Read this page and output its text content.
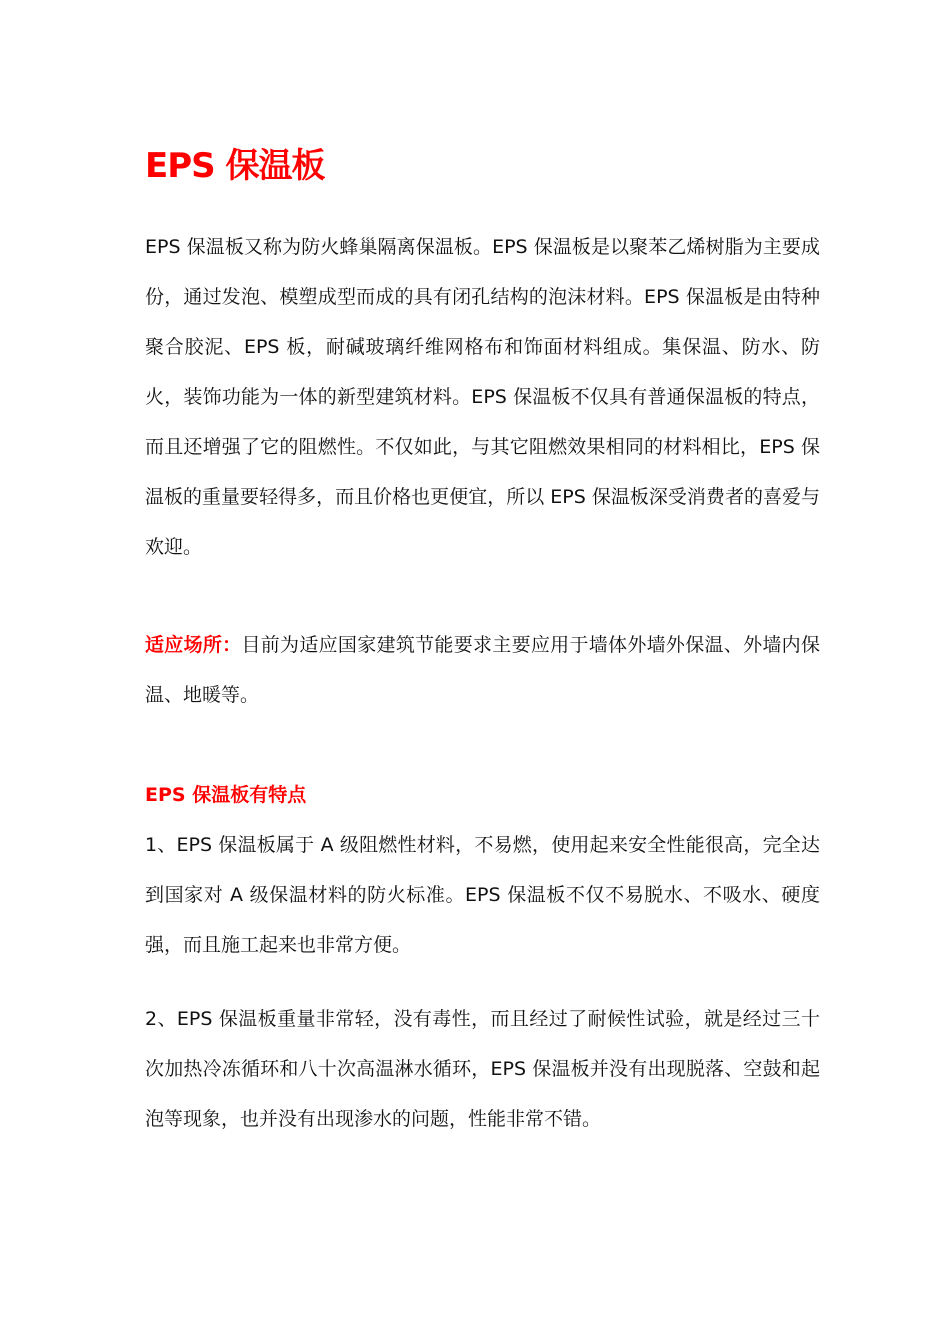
EPS 保温板

EPS 保温板又称为防火蜂巢隔离保温板。EPS 保温板是以聚苯乙烯树脂为主要成份，通过发泡、模塑成型而成的具有闭孔结构的泡沫材料。EPS 保温板是由特种聚合胶泥、EPS 板，耐碱玻璃纤维网格布和饰面材料组成。集保温、防水、防火，装饰功能为一体的新型建筑材料。EPS 保温板不仅具有普通保温板的特点，而且还增强了它的阻燃性。不仅如此，与其它阻燃效果相同的材料相比，EPS 保温板的重量要轻得多，而且价格也更便宜，所以 EPS 保温板深受消费者的喜爱与欢迎。

适应场所：目前为适应国家建筑节能要求主要应用于墙体外墙外保温、外墙内保温、地暖等。

EPS 保温板有特点

1、EPS 保温板属于 A 级阻燃性材料，不易燃，使用起来安全性能很高，完全达到国家对 A 级保温材料的防火标准。EPS 保温板不仅不易脱水、不吸水、硬度强，而且施工起来也非常方便。

2、EPS 保温板重量非常轻，没有毒性，而且经过了耐候性试验，就是经过三十次加热冷冻循环和八十次高温淋水循环，EPS 保温板并没有出现脱落、空鼓和起泡等现象，也并没有出现渗水的问题，性能非常不错。
